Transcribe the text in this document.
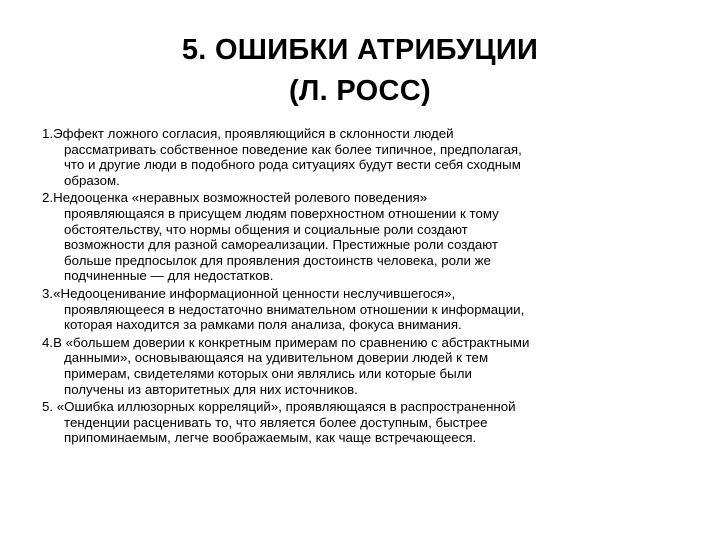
5. ОШИБКИ АТРИБУЦИИ
(Л. РОСС)
1.Эффект ложного согласия, проявляющийся в склонности людей
рассматривать собственное поведение как более типичное, предполагая,
что и другие люди в подобного рода ситуациях будут вести себя сходным
образом.
2.Недооценка «неравных возможностей ролевого поведения»
проявляющаяся в присущем людям поверхностном отношении к тому
обстоятельству, что нормы общения и социальные роли создают
возможности для разной самореализации. Престижные роли создают
больше предпосылок для проявления достоинств человека, роли же
подчиненные — для недостатков.
3.«Недооценивание информационной ценности неслучившегося»,
проявляющееся в недостаточно внимательном отношении к информации,
которая находится за рамками поля анализа, фокуса внимания.
4.В «большем доверии к конкретным примерам по сравнению с абстрактными
данными», основывающаяся на удивительном доверии людей к тем
примерам, свидетелями которых они являлись или которые были
получены из авторитетных для них источников.
5. «Ошибка иллюзорных корреляций», проявляющаяся в распространенной
тенденции расценивать то, что является более доступным, быстрее
припоминаемым, легче воображаемым, как чаще встречающееся.
